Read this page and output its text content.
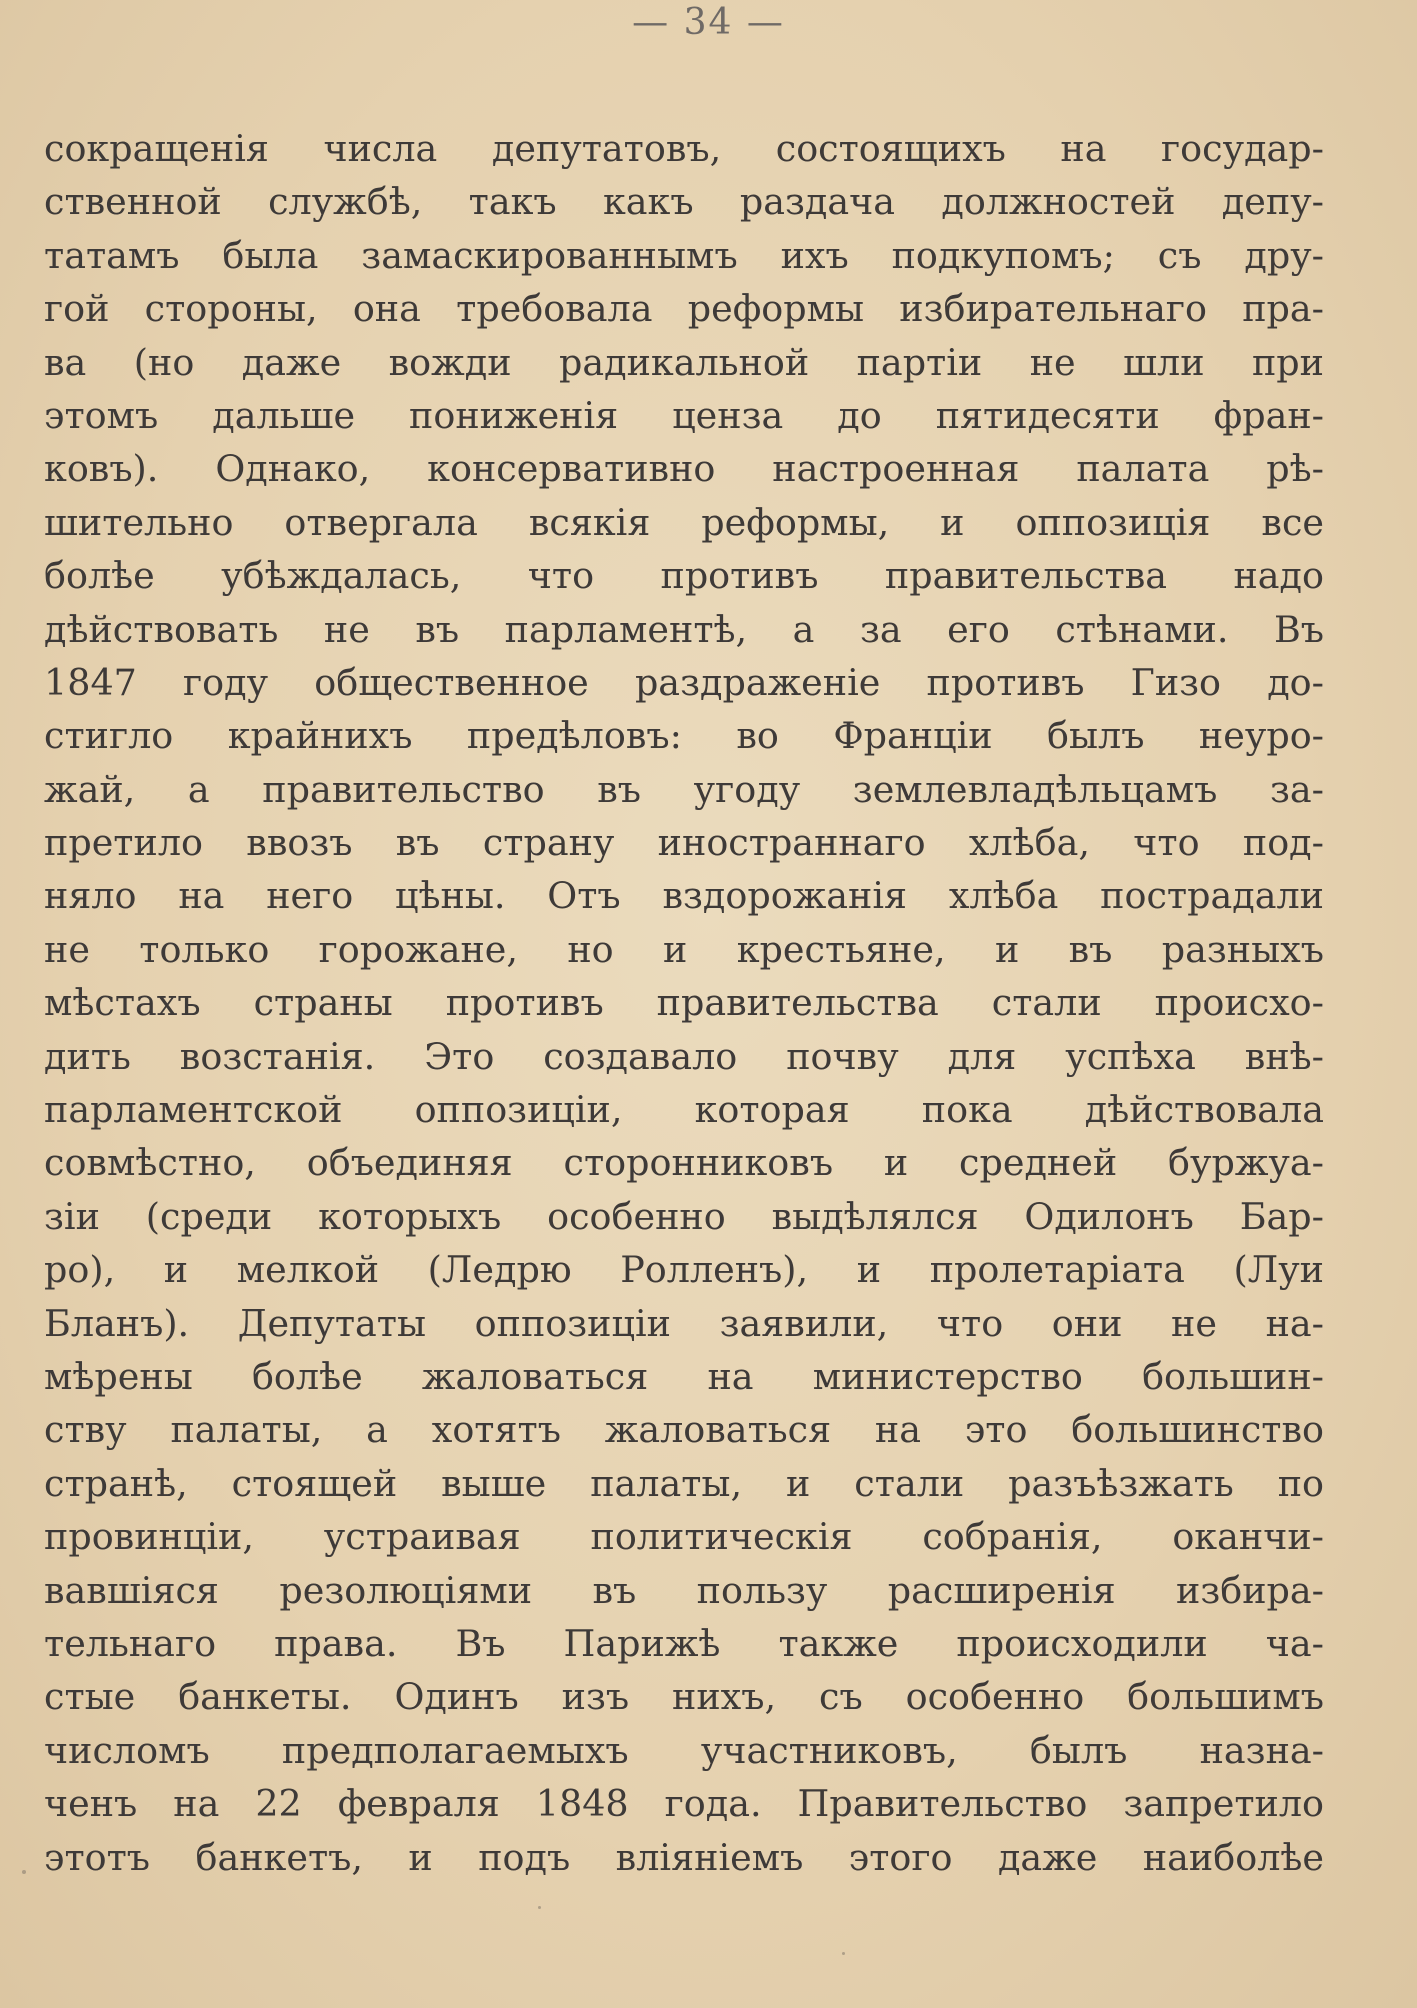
— 34 —
сокращенія числа депутатовъ, состоящихъ на государ-
ственной службѣ, такъ какъ раздача должностей депу-
татамъ была замаскированнымъ ихъ подкупомъ; съ дру-
гой стороны, она требовала реформы избирательнаго пра-
ва (но даже вожди радикальной партіи не шли при
этомъ дальше пониженія ценза до пятидесяти фран-
ковъ). Однако, консервативно настроенная палата рѣ-
шительно отвергала всякія реформы, и оппозиція все
болѣе убѣждалась, что противъ правительства надо
дѣйствовать не въ парламентѣ, а за его стѣнами. Въ
1847 году общественное раздраженіе противъ Гизо до-
стигло крайнихъ предѣловъ: во Франціи былъ неуро-
жай, а правительство въ угоду землевладѣльцамъ за-
претило ввозъ въ страну иностраннаго хлѣба, что под-
няло на него цѣны. Отъ вздорожанія хлѣба пострадали
не только горожане, но и крестьяне, и въ разныхъ
мѣстахъ страны противъ правительства стали происхо-
дить возстанія. Это создавало почву для успѣха внѣ-
парламентской оппозиціи, которая пока дѣйствовала
совмѣстно, объединяя сторонниковъ и средней буржуа-
зіи (среди которыхъ особенно выдѣлялся Одилонъ Бар-
ро), и мелкой (Ледрю Ролленъ), и пролетаріата (Луи
Бланъ). Депутаты оппозиціи заявили, что они не на-
мѣрены болѣе жаловаться на министерство большин-
ству палаты, а хотятъ жаловаться на это большинство
странѣ, стоящей выше палаты, и стали разъѣзжать по
провинціи, устраивая политическія собранія, оканчи-
вавшіяся резолюціями въ пользу расширенія избира-
тельнаго права. Въ Парижѣ также происходили ча-
стые банкеты. Одинъ изъ нихъ, съ особенно большимъ
числомъ предполагаемыхъ участниковъ, былъ назна-
ченъ на 22 февраля 1848 года. Правительство запретило
этотъ банкетъ, и подъ вліяніемъ этого даже наиболѣе
